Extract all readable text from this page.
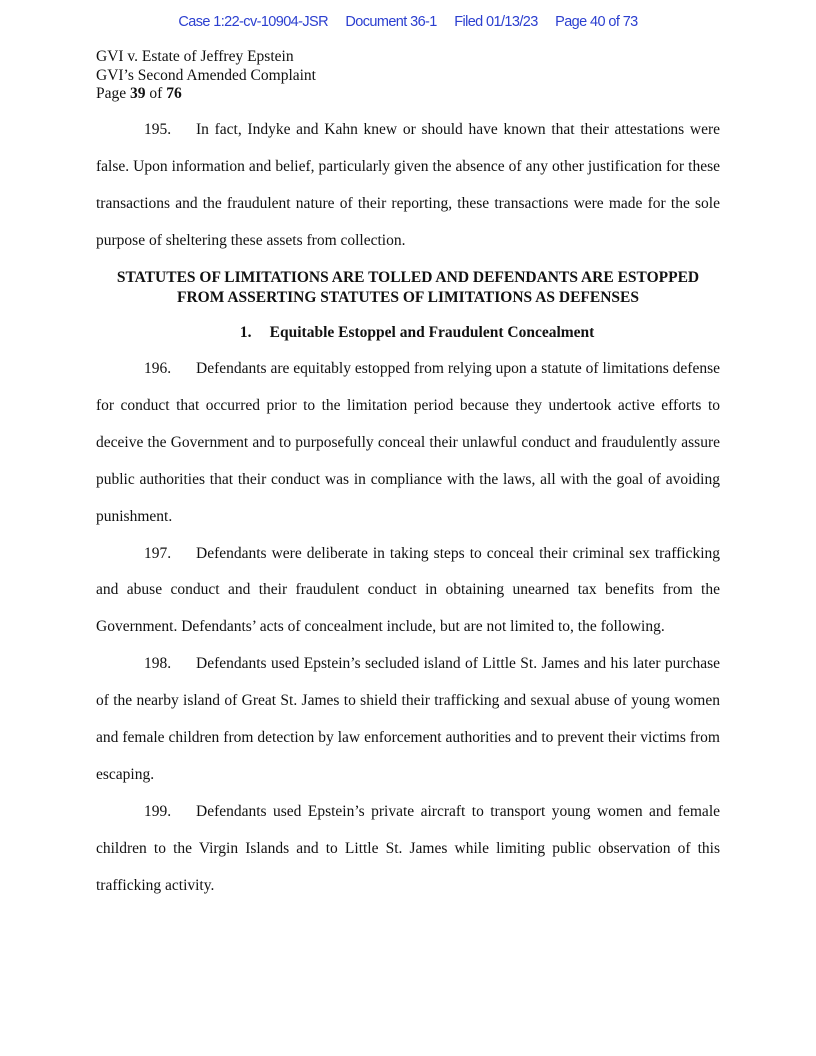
Case 1:22-cv-10904-JSR Document 36-1 Filed 01/13/23 Page 40 of 73
GVI v. Estate of Jeffrey Epstein
GVI’s Second Amended Complaint
Page 39 of 76

195. In fact, Indyke and Kahn knew or should have known that their attestations were false. Upon information and belief, particularly given the absence of any other justification for these transactions and the fraudulent nature of their reporting, these transactions were made for the sole purpose of sheltering these assets from collection.

STATUTES OF LIMITATIONS ARE TOLLED AND DEFENDANTS ARE ESTOPPED
FROM ASSERTING STATUTES OF LIMITATIONS AS DEFENSES
1. Equitable Estoppel and Fraudulent Concealment

196. Defendants are equitably estopped from relying upon a statute of limitations defense for conduct that occurred prior to the limitation period because they undertook active efforts to deceive the Government and to purposefully conceal their unlawful conduct and fraudulently assure public authorities that their conduct was in compliance with the laws, all with the goal of avoiding punishment.

197. Defendants were deliberate in taking steps to conceal their criminal sex trafficking and abuse conduct and their fraudulent conduct in obtaining unearned tax benefits from the Government. Defendants’ acts of concealment include, but are not limited to, the following.

198. Defendants used Epstein’s secluded island of Little St. James and his later purchase of the nearby island of Great St. James to shield their trafficking and sexual abuse of young women and female children from detection by law enforcement authorities and to prevent their victims from escaping.

199. Defendants used Epstein’s private aircraft to transport young women and female children to the Virgin Islands and to Little St. James while limiting public observation of this trafficking activity.
